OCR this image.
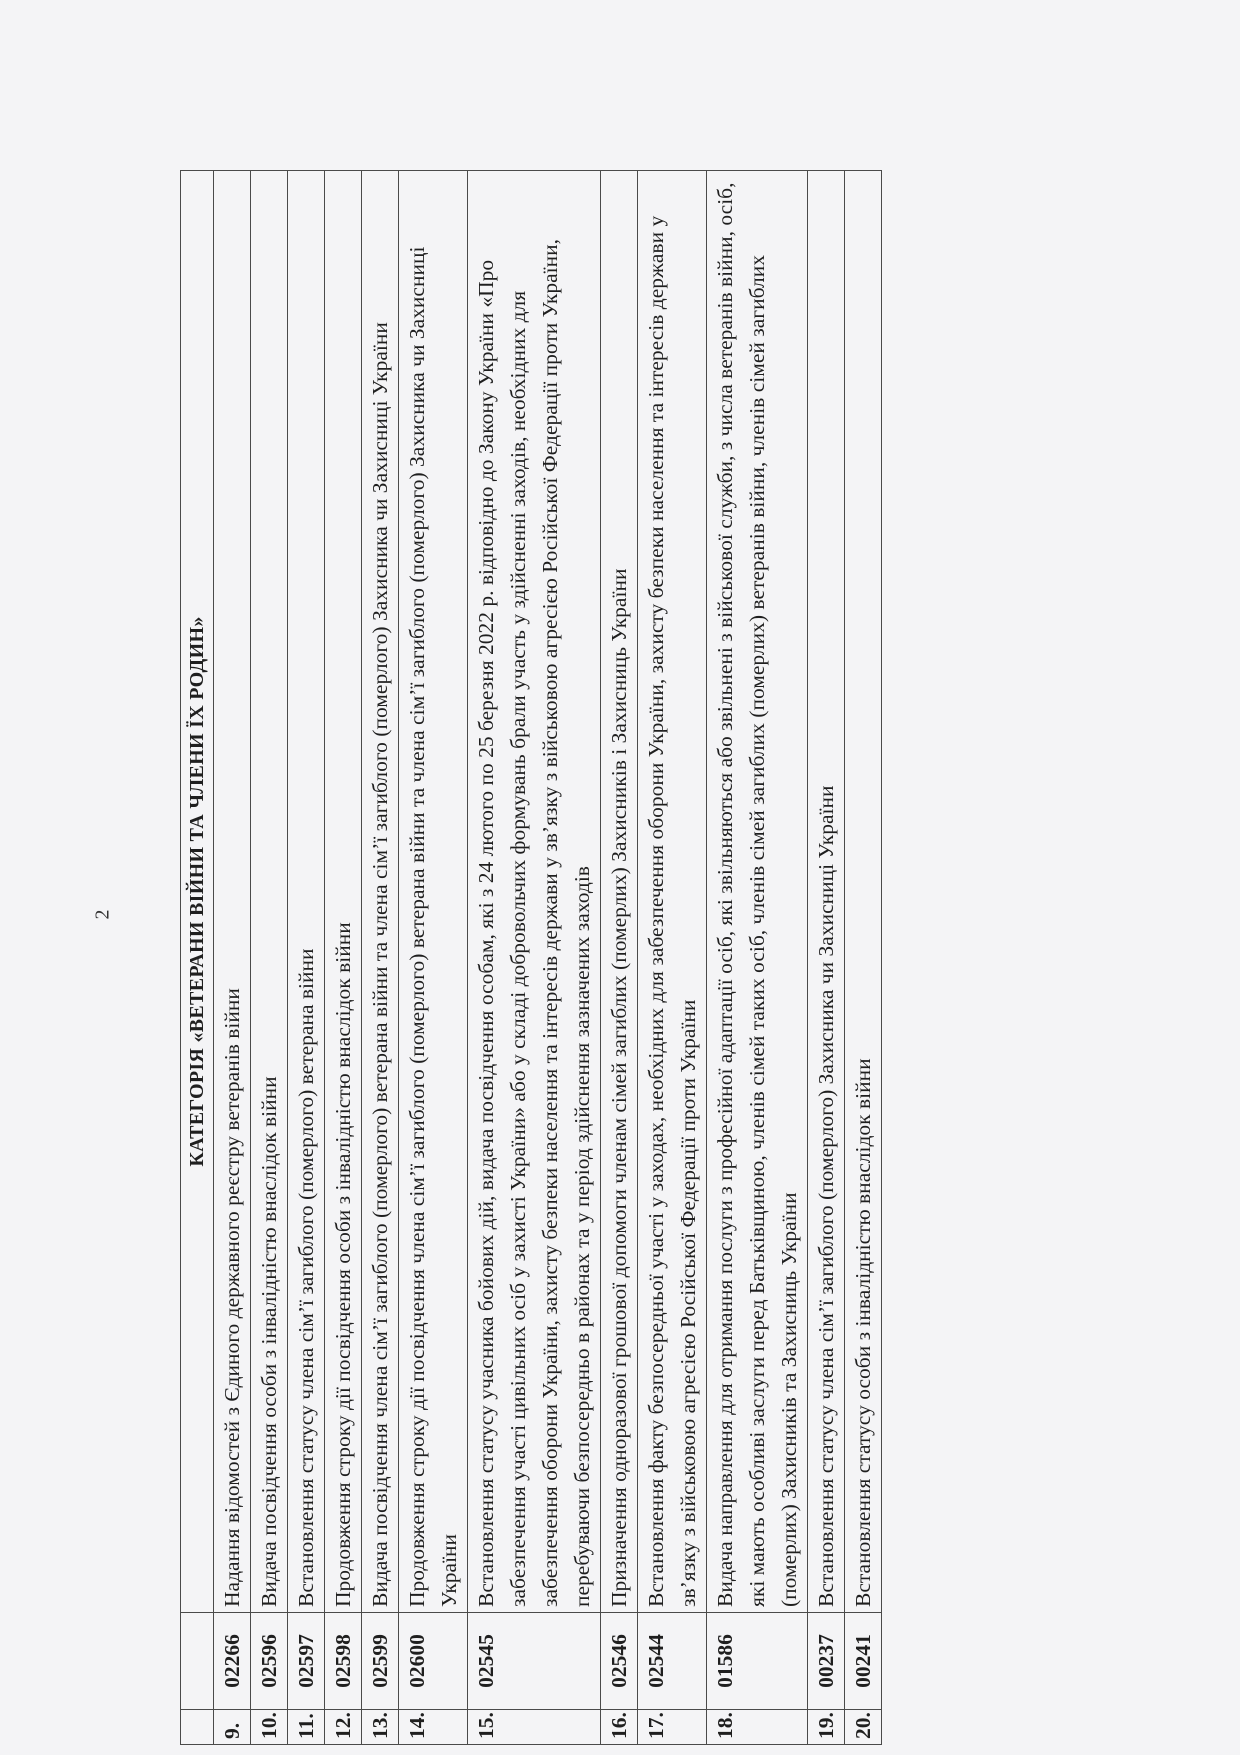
2
			КАТЕГОРІЯ «ВЕТЕРАНИ ВІЙНИ ТА ЧЛЕНИ ЇХ РОДИН»
9.	02266	Надання відомостей з Єдиного державного реєстру ветеранів війни
10.	02596	Видача посвідчення особи з інвалідністю внаслідок війни
11.	02597	Встановлення статусу члена сім’ї загиблого (померлого) ветерана війни
12.	02598	Продовження строку дії посвідчення особи з інвалідністю внаслідок війни
13.	02599	Видача посвідчення члена сім’ї загиблого (померлого) ветерана війни та члена сім’ї загиблого (померлого) Захисника чи Захисниці України
14.	02600	Продовження строку дії посвідчення члена сім’ї загиблого (померлого) ветерана війни та члена сім’ї загиблого (померлого) Захисника чи Захисниці України
15.	02545	Встановлення статусу учасника бойових дій, видача посвідчення особам, які з 24 лютого по 25 березня 2022 р. відповідно до Закону України «Про забезпечення участі цивільних осіб у захисті України» або у складі добровольчих формувань брали участь у здійсненні заходів, необхідних для забезпечення оборони України, захисту безпеки населення та інтересів держави у зв’язку з військовою агресією Російської Федерації проти України, перебуваючи безпосередньо в районах та у період здійснення зазначених заходів
16.	02546	Призначення одноразової грошової допомоги членам сімей загиблих (померлих) Захисників і Захисниць України
17.	02544	Встановлення факту безпосередньої участі у заходах, необхідних для забезпечення оборони України, захисту безпеки населення та інтересів держави у зв’язку з військовою агресією Російської Федерації проти України
18.	01586	Видача направлення для отримання послуги з професійної адаптації осіб, які звільняються або звільнені з військової служби, з числа ветеранів війни, осіб, які мають особливі заслуги перед Батьківщиною, членів сімей таких осіб, членів сімей загиблих (померлих) ветеранів війни, членів сімей загиблих (померлих) Захисників та Захисниць України
19.	00237	Встановлення статусу члена сім’ї загиблого (померлого) Захисника чи Захисниці України
20.	00241	Встановлення статусу особи з інвалідністю внаслідок війни
